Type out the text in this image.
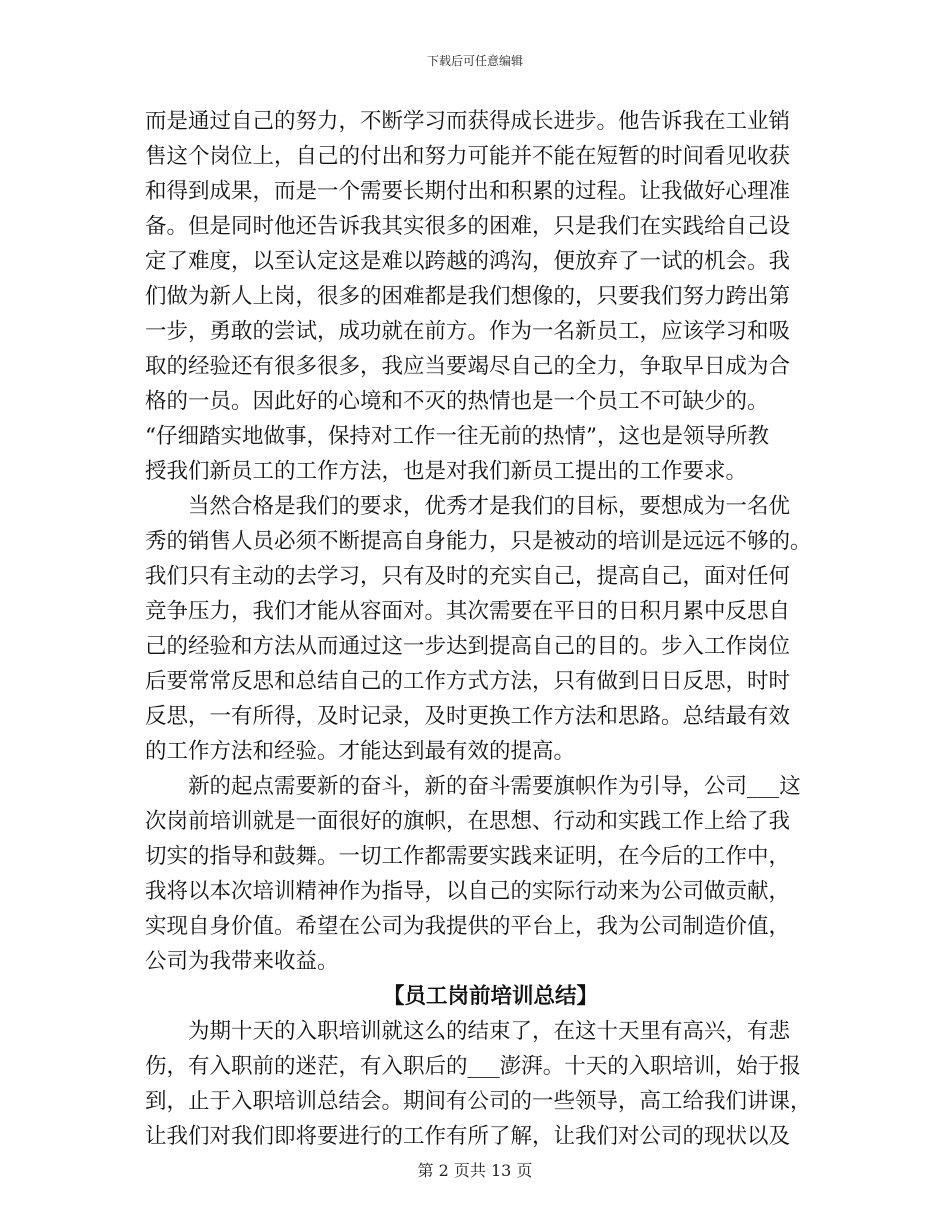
下载后可任意编辑
而是通过自己的努力，不断学习而获得成长进步。他告诉我在工业销
售这个岗位上，自己的付出和努力可能并不能在短暂的时间看见收获
和得到成果，而是一个需要长期付出和积累的过程。让我做好心理准
备。但是同时他还告诉我其实很多的困难，只是我们在实践给自己设
定了难度，以至认定这是难以跨越的鸿沟，便放弃了一试的机会。我
们做为新人上岗，很多的困难都是我们想像的，只要我们努力跨出第
一步，勇敢的尝试，成功就在前方。作为一名新员工，应该学习和吸
取的经验还有很多很多，我应当要竭尽自己的全力，争取早日成为合
格的一员。因此好的心境和不灭的热情也是一个员工不可缺少的。
“仔细踏实地做事，保持对工作一往无前的热情”，这也是领导所教
授我们新员工的工作方法，也是对我们新员工提出的工作要求。
　　当然合格是我们的要求，优秀才是我们的目标，要想成为一名优
秀的销售人员必须不断提高自身能力，只是被动的培训是远远不够的。
我们只有主动的去学习，只有及时的充实自己，提高自己，面对任何
竞争压力，我们才能从容面对。其次需要在平日的日积月累中反思自
己的经验和方法从而通过这一步达到提高自己的目的。步入工作岗位
后要常常反思和总结自己的工作方式方法，只有做到日日反思，时时
反思，一有所得，及时记录，及时更换工作方法和思路。总结最有效
的工作方法和经验。才能达到最有效的提高。
　　新的起点需要新的奋斗，新的奋斗需要旗帜作为引导，公司___这
次岗前培训就是一面很好的旗帜，在思想、行动和实践工作上给了我
切实的指导和鼓舞。一切工作都需要实践来证明，在今后的工作中，
我将以本次培训精神作为指导，以自己的实际行动来为公司做贡献，
实现自身价值。希望在公司为我提供的平台上，我为公司制造价值，
公司为我带来收益。
【员工岗前培训总结】
　　为期十天的入职培训就这么的结束了，在这十天里有高兴，有悲
伤，有入职前的迷茫，有入职后的___澎湃。十天的入职培训，始于报
到，止于入职培训总结会。期间有公司的一些领导，高工给我们讲课，
让我们对我们即将要进行的工作有所了解，让我们对公司的现状以及
第 2 页共 13 页
